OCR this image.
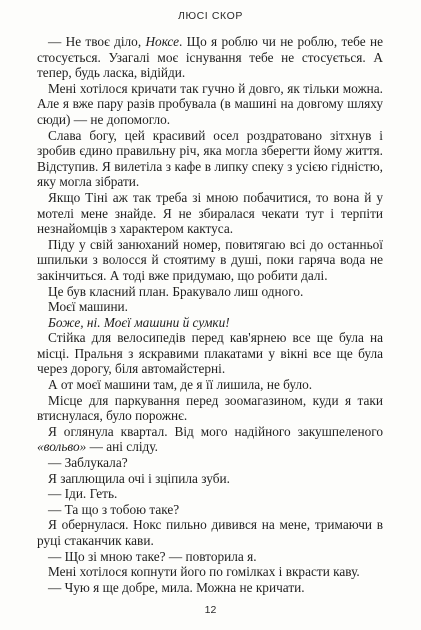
ЛЮСІ СКОР

— Не твоє діло, Ноксе. Що я роблю чи не роблю, тебе не стосується. Узагалі моє існування тебе не стосується. А тепер, будь ласка, відійди.

Мені хотілося кричати так гучно й довго, як тільки можна. Але я вже пару разів пробувала (в машині на довгому шляху сюди) — не допомогло.

Слава богу, цей красивий осел роздратовано зітхнув і зробив єдино правильну річ, яка могла зберегти йому життя. Відступив. Я вилетіла з кафе в липку спеку з усією гідністю, яку могла зібрати.

Якщо Тіні аж так треба зі мною побачитися, то вона й у мотелі мене знайде. Я не збиралася чекати тут і терпіти незнайомців з характером кактуса.

Піду у свій занюханий номер, повитягаю всі до останньої шпильки з волосся й стоятиму в душі, поки гаряча вода не закінчиться. А тоді вже придумаю, що робити далі.

Це був класний план. Бракувало лиш одного.

Моєї машини.

Боже, ні. Моєї машини й сумки!

Стійка для велосипедів перед кав'ярнею все ще була на місці. Пральня з яскравими плакатами у вікні все ще була через дорогу, біля автомайстерні.

А от моєї машини там, де я її лишила, не було.

Місце для паркування перед зоомагазином, куди я таки втиснулася, було порожнє.

Я оглянула квартал. Від мого надійного закушпеленого «вольво» — ані сліду.

— Заблукала?

Я заплющила очі і зціпила зуби.

— Іди. Геть.

— Та що з тобою таке?

Я обернулася. Нокс пильно дивився на мене, тримаючи в руці стаканчик кави.

— Що зі мною таке? — повторила я.

Мені хотілося копнути його по гомілках і вкрасти каву.

— Чую я ще добре, мила. Можна не кричати.

12
